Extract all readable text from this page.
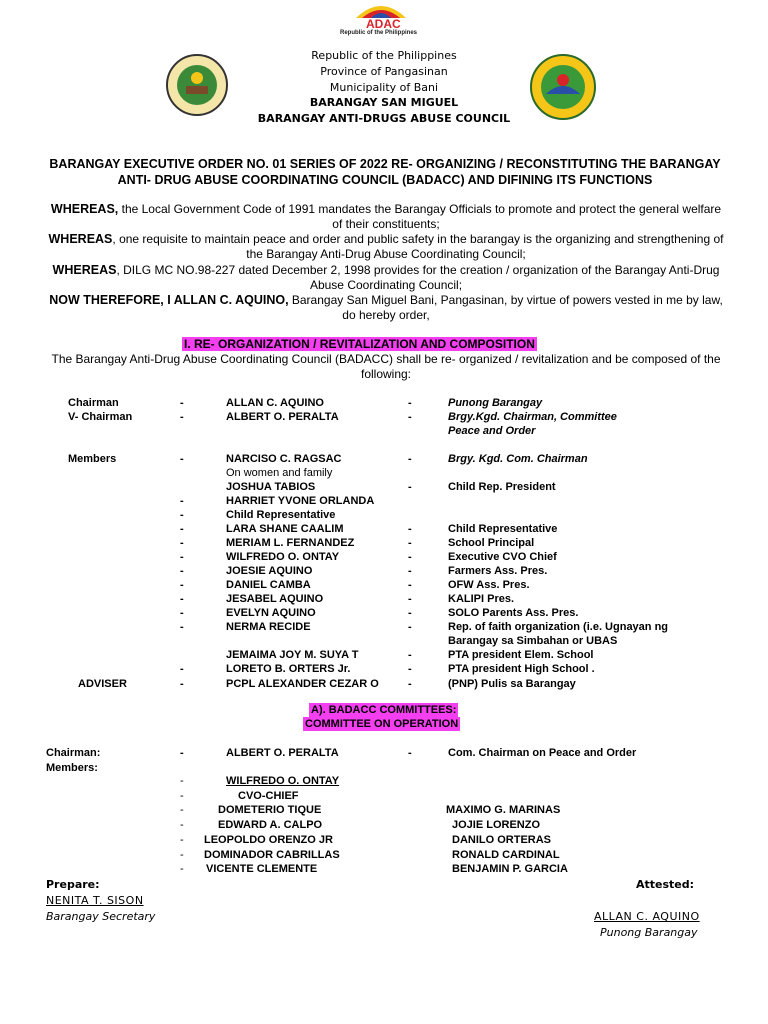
ADAC
Republic of the Philippines
Republic of the Philippines
Province of Pangasinan
Municipality of Bani
BARANGAY SAN MIGUEL
BARANGAY ANTI-DRUGS ABUSE COUNCIL
BARANGAY EXECUTIVE ORDER NO. 01 SERIES OF 2022 RE- ORGANIZING / RECONSTITUTING THE BARANGAY
ANTI- DRUG ABUSE COORDINATING COUNCIL (BADACC) AND DIFINING ITS FUNCTIONS
WHEREAS, the Local Government Code of 1991 mandates the Barangay Officials to promote and protect the general welfare of their constituents;
WHEREAS, one requisite to maintain peace and order and public safety in the barangay is the organizing and strengthening of the Barangay Anti-Drug Abuse Coordinating Council;
WHEREAS, DILG MC NO.98-227 dated December 2, 1998 provides for the creation / organization of the Barangay Anti-Drug Abuse Coordinating Council;
NOW THEREFORE, I ALLAN C. AQUINO, Barangay San Miguel Bani, Pangasinan, by virtue of powers vested in me by law, do hereby order,
I. RE- ORGANIZATION / REVITALIZATION AND COMPOSITION
The Barangay Anti-Drug Abuse Coordinating Council (BADACC) shall be re- organized / revitalization and be composed of the following:
Chairman	-	ALLAN C. AQUINO	-	Punong Barangay
V- Chairman	-	ALBERT O. PERALTA	-	Brgy.Kgd. Chairman, Committee
Peace and Order
Members	-	NARCISO C. RAGSAC	-	Brgy. Kgd. Com. Chairman
On women and family
JOSHUA TABIOS	-	Child Rep. President
-	HARRIET YVONE ORLANDA
-	Child Representative
-	LARA SHANE CAALIM	-	Child Representative
-	MERIAM L. FERNANDEZ	-	School Principal
-	WILFREDO O. ONTAY	-	Executive CVO Chief
-	JOESIE AQUINO	-	Farmers Ass. Pres.
-	DANIEL CAMBA	-	OFW Ass. Pres.
-	JESABEL AQUINO	-	KALIPI Pres.
-	EVELYN AQUINO	-	SOLO Parents Ass. Pres.
-	NERMA RECIDE	-	Rep. of faith organization (i.e. Ugnayan ng
Barangay sa Simbahan or UBAS
JEMAIMA JOY M. SUYA T	-	PTA president Elem. School
-	LORETO B. ORTERS Jr.	-	PTA president High School .
ADVISER	-	PCPL ALEXANDER CEZAR O	-	(PNP) Pulis sa Barangay
A). BADACC COMMITTEES:
COMMITTEE ON OPERATION
Chairman:	-	ALBERT O. PERALTA	-	Com. Chairman on Peace and Order
Members:
-	WILFREDO O. ONTAY
-	CVO-CHIEF
-	DOMETERIO TIQUE	MAXIMO G. MARINAS
-	EDWARD A. CALPO	JOJIE LORENZO
- LEOPOLDO ORENZO JR	DANILO ORTERAS
- DOMINADOR CABRILLAS	RONALD CARDINAL
- VICENTE CLEMENTE	BENJAMIN P. GARCIA
Prepare:
NENITA T. SISON
Barangay Secretary
Attested:
ALLAN C. AQUINO
Punong Barangay
